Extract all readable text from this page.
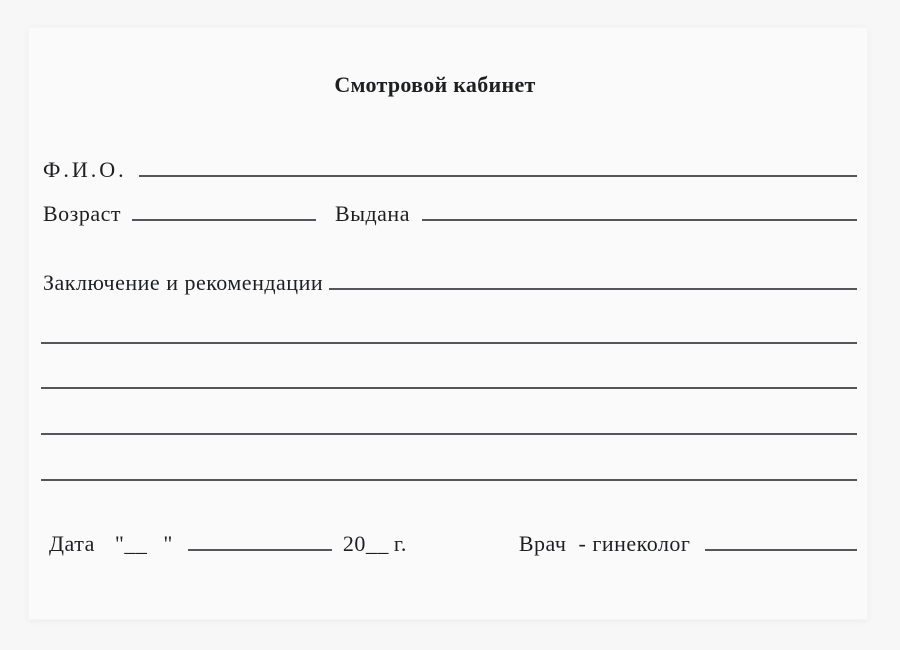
Смотровой кабинет
Ф.И.О.
Возраст	Выдана
Заключение и рекомендации
Дата " __ "	20 __ г.	Врач  - гинеколог
